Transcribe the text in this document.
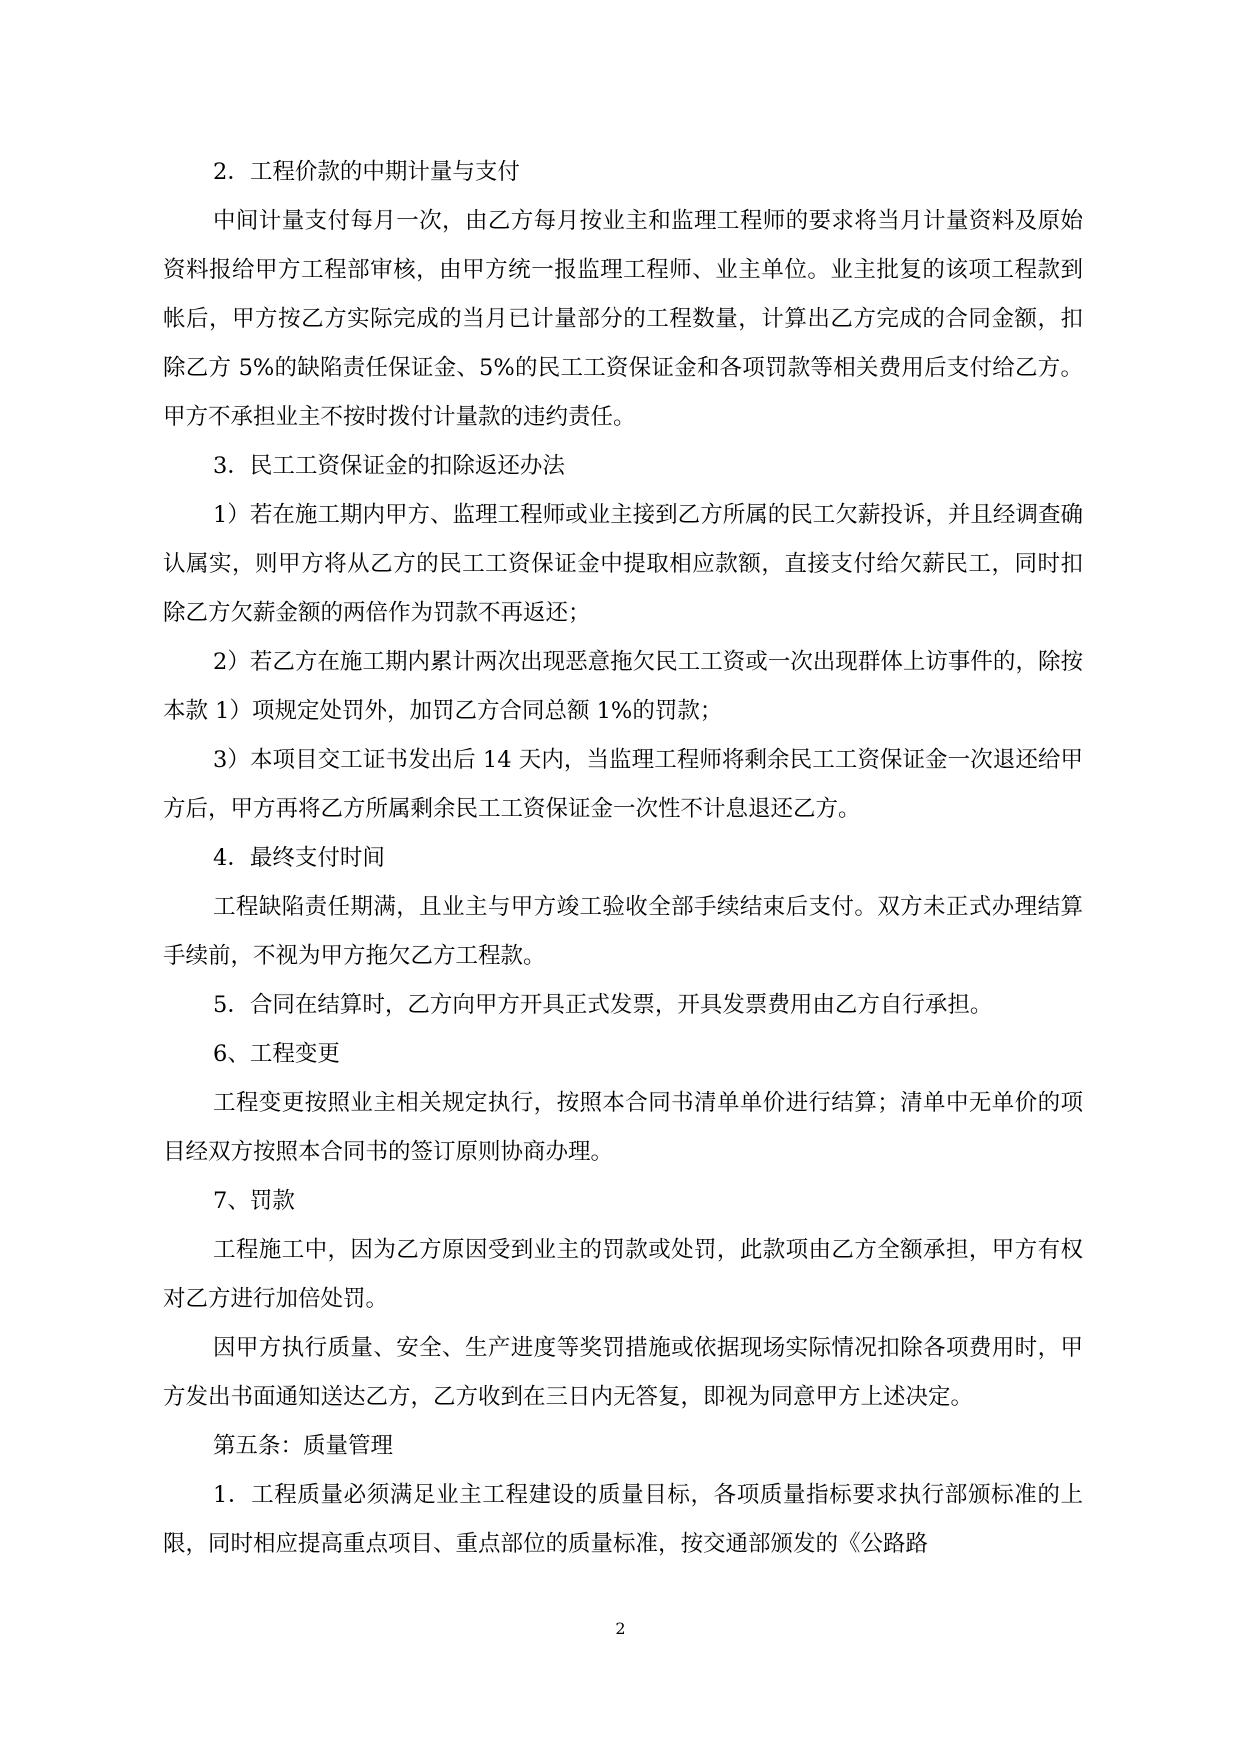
2．工程价款的中期计量与支付

中间计量支付每月一次，由乙方每月按业主和监理工程师的要求将当月计量资料及原始资料报给甲方工程部审核，由甲方统一报监理工程师、业主单位。业主批复的该项工程款到帐后，甲方按乙方实际完成的当月已计量部分的工程数量，计算出乙方完成的合同金额，扣除乙方 5%的缺陷责任保证金、5%的民工工资保证金和各项罚款等相关费用后支付给乙方。甲方不承担业主不按时拨付计量款的违约责任。

3．民工工资保证金的扣除返还办法

1）若在施工期内甲方、监理工程师或业主接到乙方所属的民工欠薪投诉，并且经调查确认属实，则甲方将从乙方的民工工资保证金中提取相应款额，直接支付给欠薪民工，同时扣除乙方欠薪金额的两倍作为罚款不再返还；

2）若乙方在施工期内累计两次出现恶意拖欠民工工资或一次出现群体上访事件的，除按本款 1）项规定处罚外，加罚乙方合同总额 1%的罚款；

3）本项目交工证书发出后 14 天内，当监理工程师将剩余民工工资保证金一次退还给甲方后，甲方再将乙方所属剩余民工工资保证金一次性不计息退还乙方。

4．最终支付时间

工程缺陷责任期满，且业主与甲方竣工验收全部手续结束后支付。双方未正式办理结算手续前，不视为甲方拖欠乙方工程款。

5．合同在结算时，乙方向甲方开具正式发票，开具发票费用由乙方自行承担。

6、工程变更

工程变更按照业主相关规定执行，按照本合同书清单单价进行结算；清单中无单价的项目经双方按照本合同书的签订原则协商办理。

7、罚款

工程施工中，因为乙方原因受到业主的罚款或处罚，此款项由乙方全额承担，甲方有权对乙方进行加倍处罚。

因甲方执行质量、安全、生产进度等奖罚措施或依据现场实际情况扣除各项费用时，甲方发出书面通知送达乙方，乙方收到在三日内无答复，即视为同意甲方上述决定。

第五条：质量管理

1．工程质量必须满足业主工程建设的质量目标，各项质量指标要求执行部颁标准的上限，同时相应提高重点项目、重点部位的质量标准，按交通部颁发的《公路路

2
